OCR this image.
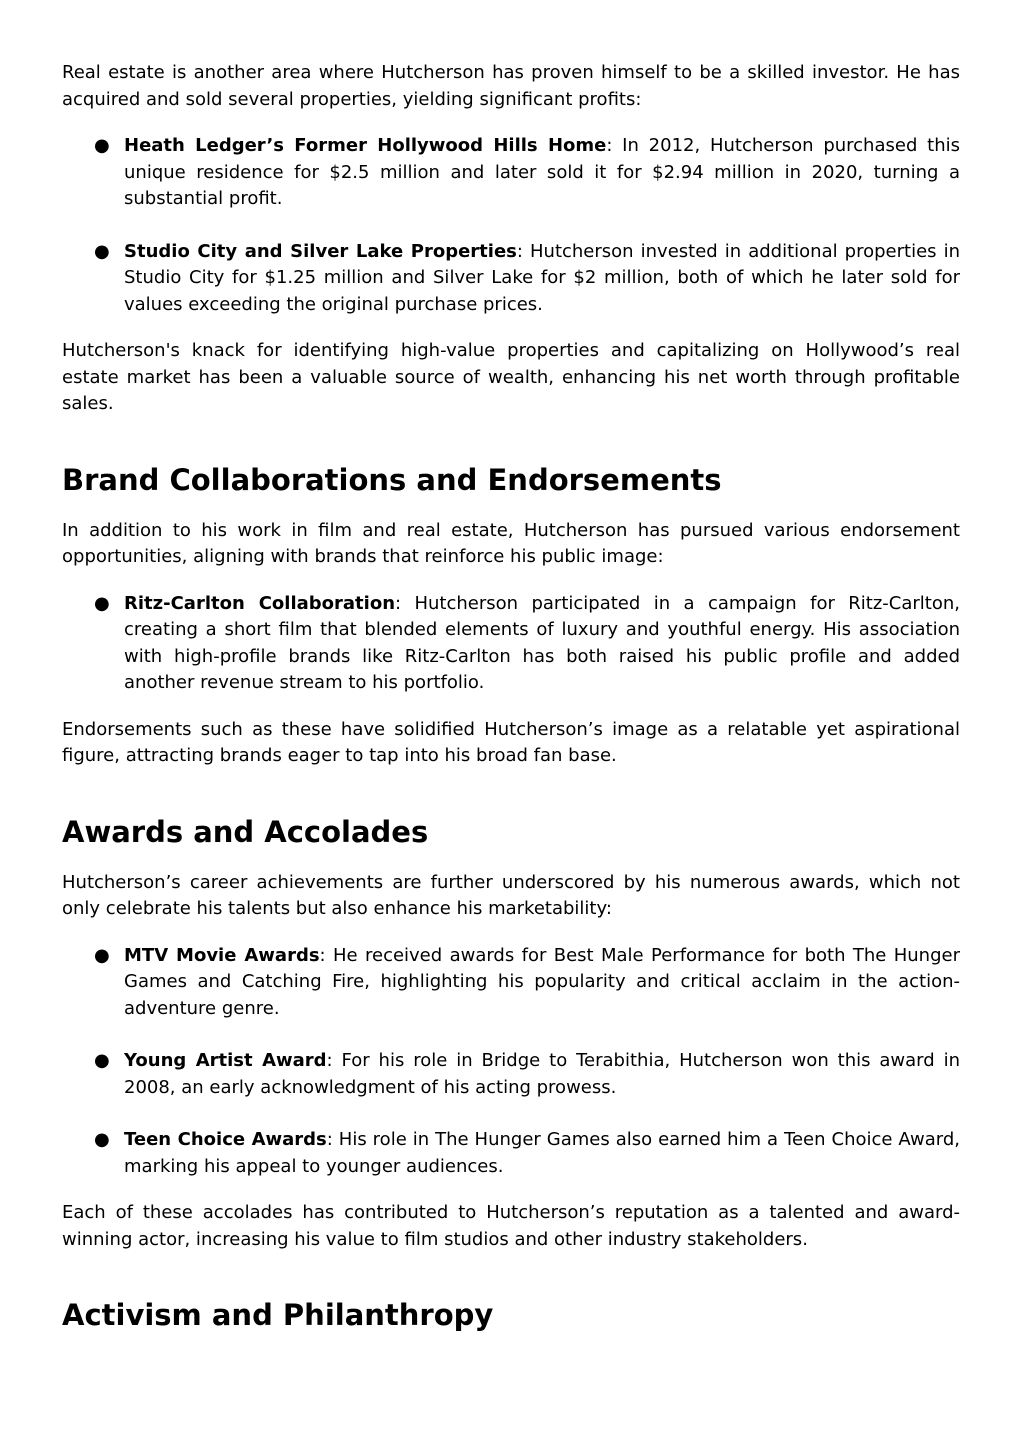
Real estate is another area where Hutcherson has proven himself to be a skilled investor. He has acquired and sold several properties, yielding significant profits:

● Heath Ledger’s Former Hollywood Hills Home: In 2012, Hutcherson purchased this unique residence for $2.5 million and later sold it for $2.94 million in 2020, turning a substantial profit.
● Studio City and Silver Lake Properties: Hutcherson invested in additional properties in Studio City for $1.25 million and Silver Lake for $2 million, both of which he later sold for values exceeding the original purchase prices.

Hutcherson's knack for identifying high-value properties and capitalizing on Hollywood’s real estate market has been a valuable source of wealth, enhancing his net worth through profitable sales.

Brand Collaborations and Endorsements

In addition to his work in film and real estate, Hutcherson has pursued various endorsement opportunities, aligning with brands that reinforce his public image:

● Ritz-Carlton Collaboration: Hutcherson participated in a campaign for Ritz-Carlton, creating a short film that blended elements of luxury and youthful energy. His association with high-profile brands like Ritz-Carlton has both raised his public profile and added another revenue stream to his portfolio.

Endorsements such as these have solidified Hutcherson’s image as a relatable yet aspirational figure, attracting brands eager to tap into his broad fan base.

Awards and Accolades

Hutcherson’s career achievements are further underscored by his numerous awards, which not only celebrate his talents but also enhance his marketability:

● MTV Movie Awards: He received awards for Best Male Performance for both The Hunger Games and Catching Fire, highlighting his popularity and critical acclaim in the action-adventure genre.
● Young Artist Award: For his role in Bridge to Terabithia, Hutcherson won this award in 2008, an early acknowledgment of his acting prowess.
● Teen Choice Awards: His role in The Hunger Games also earned him a Teen Choice Award, marking his appeal to younger audiences.

Each of these accolades has contributed to Hutcherson’s reputation as a talented and award-winning actor, increasing his value to film studios and other industry stakeholders.

Activism and Philanthropy
